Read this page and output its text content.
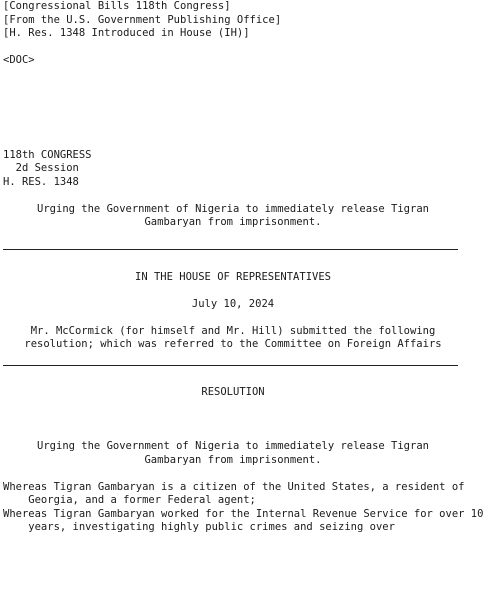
[Congressional Bills 118th Congress]
[From the U.S. Government Publishing Office]
[H. Res. 1348 Introduced in House (IH)]
<DOC>
118th CONGRESS
2d Session
H. RES. 1348
Urging the Government of Nigeria to immediately release Tigran
Gambaryan from imprisonment.
IN THE HOUSE OF REPRESENTATIVES
July 10, 2024
Mr. McCormick (for himself and Mr. Hill) submitted the following
resolution; which was referred to the Committee on Foreign Affairs
RESOLUTION
Urging the Government of Nigeria to immediately release Tigran
Gambaryan from imprisonment.
Whereas Tigran Gambaryan is a citizen of the United States, a resident of
Georgia, and a former Federal agent;
Whereas Tigran Gambaryan worked for the Internal Revenue Service for over 10
years, investigating highly public crimes and seizing over
